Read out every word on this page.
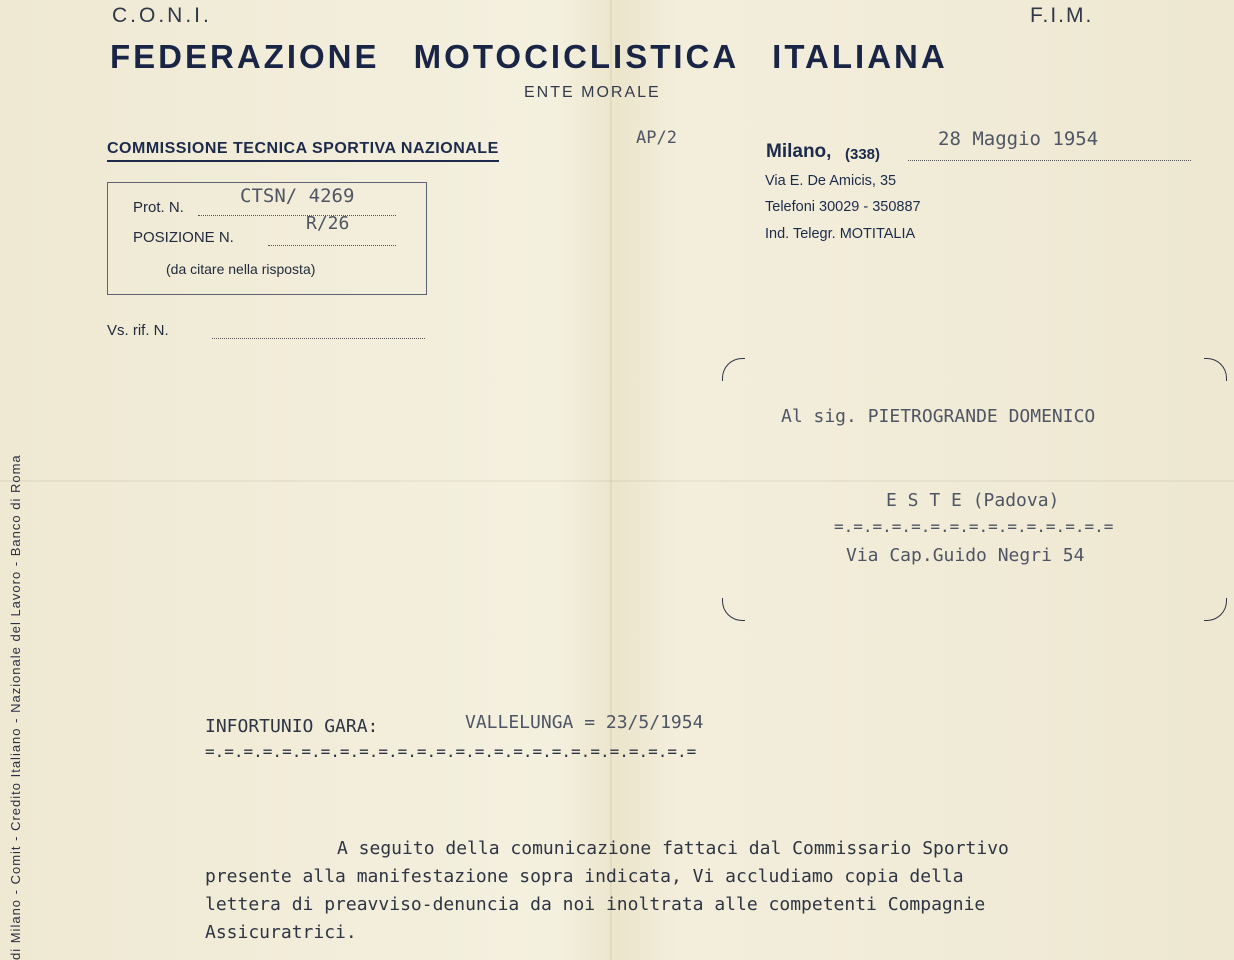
C.O.N.I.	F.I.M.
FEDERAZIONE MOTOCICLISTICA ITALIANA
ENTE MORALE
COMMISSIONE TECNICA SPORTIVA NAZIONALE
Prot. N.
CTSN/ 4269
POSIZIONE N.
R/26
(da citare nella risposta)
Vs. rif. N.
AP/2
Milano, (338)
28 Maggio 1954
Via E. De Amicis, 35
Telefoni 30029 - 350887
Ind. Telegr. MOTITALIA
Al sig. PIETROGRANDE DOMENICO
E S T E (Padova)
=.=.=.=.=.=.=.=.=.=.=.=.=.=.=
Via Cap.Guido Negri 54
INFORTUNIO GARA:	VALLELUNGA = 23/5/1954
=.=.=.=.=.=.=.=.=.=.=.=.=.=.=.=.=.=.=.=.=.=.=.=.=.=
A seguito della comunicazione fattaci dal Commissario Sportivo
presente alla manifestazione sopra indicata, Vi accludiamo copia della
lettera di preavviso-denuncia da noi inoltrata alle competenti Compagnie
Assicuratrici.
di Milano - Comit - Credito Italiano - Nazionale del Lavoro - Banco di Roma
